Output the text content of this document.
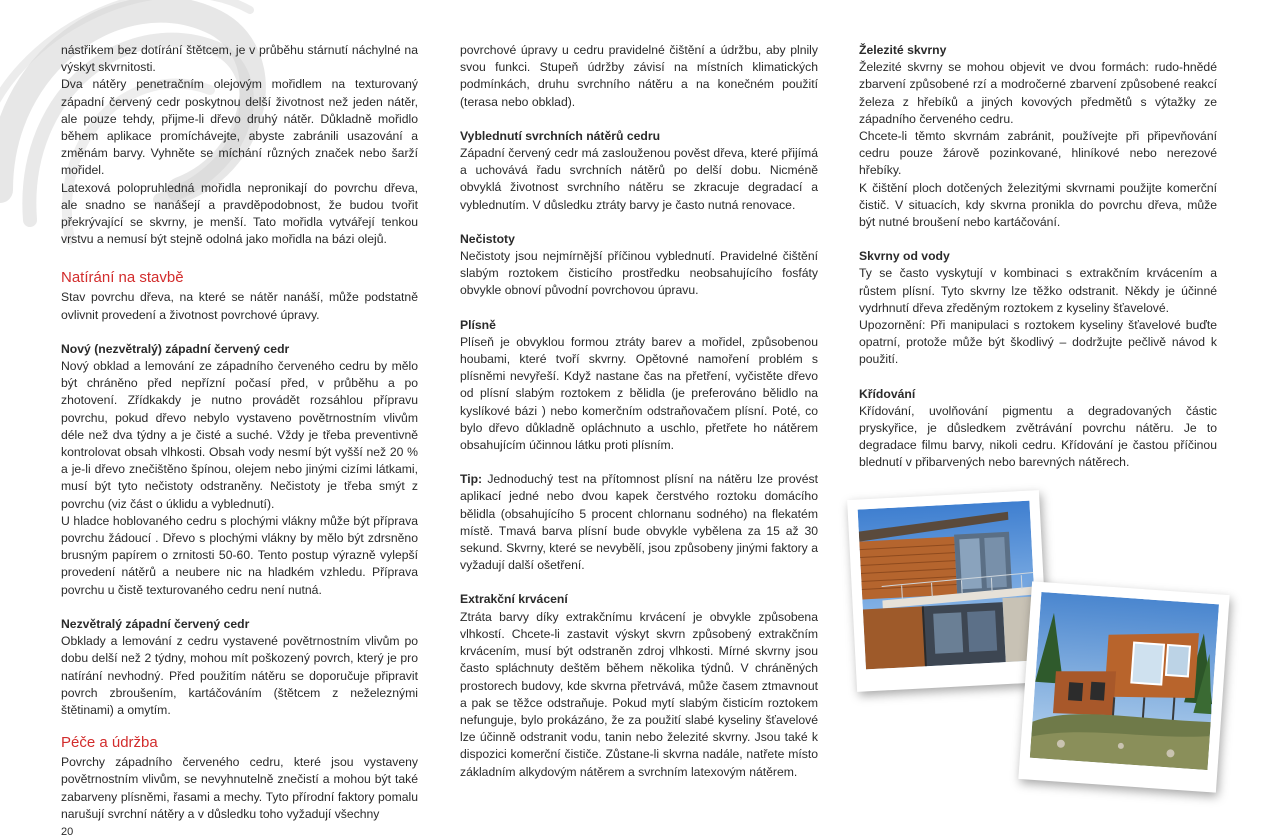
nástřikem bez dotírání štětcem, je v průběhu stárnutí náchylné na výskyt skvrnitosti.

Dva nátěry penetračním olejovým mořidlem na texturovaný západní červený cedr poskytnou delší životnost než jeden nátěr, ale pouze tehdy, přijme-li dřevo druhý nátěr. Důkladně mořidlo během aplikace promíchávejte, abyste zabránili usazování a změnám barvy. Vyhněte se míchání různých značek nebo šarží mořidel.

Latexová polopruhledná mořidla nepronikají do povrchu dřeva, ale snadno se nanášejí a pravděpodobnost, že budou tvořit překrývající se skvrny, je menší. Tato mořidla vytvářejí tenkou vrstvu a nemusí být stejně odolná jako mořidla na bázi olejů.

Natírání na stavbě

Stav povrchu dřeva, na které se nátěr nanáší, může podstatně ovlivnit provedení a životnost povrchové úpravy.

Nový (nezvětralý) západní červený cedr

Nový obklad a lemování ze západního červeného cedru by mělo být chráněno před nepřízní počasí před, v průběhu a po zhotovení. Zřídkakdy je nutno provádět rozsáhlou přípravu povrchu, pokud dřevo nebylo vystaveno povětrnostním vlivům déle než dva týdny a je čisté a suché. Vždy je třeba preventivně kontrolovat obsah vlhkosti. Obsah vody nesmí být vyšší než 20 % a je-li dřevo znečištěno špínou, olejem nebo jinými cizími látkami, musí být tyto nečistoty odstraněny. Nečistoty je třeba smýt z povrchu (viz část o úklidu a vyblednutí).

U hladce hoblovaného cedru s plochými vlákny může být příprava povrchu žádoucí . Dřevo s plochými vlákny by mělo být zdrsněno brusným papírem o zrnitosti 50-60. Tento postup výrazně vylepší provedení nátěrů a neubere nic na hladkém vzhledu. Příprava povrchu u čistě texturovaného cedru není nutná.

Nezvětralý západní červený cedr

Obklady a lemování z cedru vystavené povětrnostním vlivům po dobu delší než 2 týdny, mohou mít poškozený povrch, který je pro natírání nevhodný. Před použitím nátěru se doporučuje připravit povrch zbroušením, kartáčováním (štětcem z neželeznými štětinami) a omytím.

Péče a údržba

Povrchy západního červeného cedru, které jsou vystaveny povětrnostním vlivům, se nevyhnutelně znečistí a mohou být také zabarveny plísněmi, řasami a mechy. Tyto přírodní faktory pomalu narušují svrchní nátěry a v důsledku toho vyžadují všechny

povrchové úpravy u cedru pravidelné čištění a údržbu, aby plnily svou funkci. Stupeň údržby závisí na místních klimatických podmínkách, druhu svrchního nátěru a na konečném použití (terasa nebo obklad).

Vyblednutí svrchních nátěrů cedru

Západní červený cedr má zaslouženou pověst dřeva, které přijímá a uchovává řadu svrchních nátěrů po delší dobu. Nicméně obvyklá životnost svrchního nátěru se zkracuje degradací a vyblednutím. V důsledku ztráty barvy je často nutná renovace.

Nečistoty

Nečistoty jsou nejmírnější příčinou vyblednutí. Pravidelné čištění slabým roztokem čisticího prostředku neobsahujícího fosfáty obvykle obnoví původní povrchovou úpravu.

Plísně

Plíseň je obvyklou formou ztráty barev a mořidel, způsobenou houbami, které tvoří skvrny. Opětovné namoření problém s plísněmi nevyřeší. Když nastane čas na přetření, vyčistěte dřevo od plísní slabým roztokem z bělidla (je preferováno bělidlo na kyslíkové bázi ) nebo komerčním odstraňovačem plísní. Poté, co bylo dřevo důkladně opláchnuto a uschlo, přetřete ho nátěrem obsahujícím účinnou látku proti plísním.

Tip: Jednoduchý test na přítomnost plísní na nátěru lze provést aplikací jedné nebo dvou kapek čerstvého roztoku domácího bělidla (obsahujícího 5 procent chlornanu sodného) na flekatém místě. Tmavá barva plísní bude obvykle vybělena za 15 až 30 sekund. Skvrny, které se nevybělí, jsou způsobeny jinými faktory a vyžadují další ošetření.

Extrakční krvácení

Ztráta barvy díky extrakčnímu krvácení je obvykle způsobena vlhkostí. Chcete-li zastavit výskyt skvrn způsobený extrakčním krvácením, musí být odstraněn zdroj vlhkosti. Mírné skvrny jsou často spláchnuty deštěm během několika týdnů. V chráněných prostorech budovy, kde skvrna přetrvává, může časem ztmavnout a pak se těžce odstraňuje. Pokud mytí slabým čisticím roztokem nefunguje, bylo prokázáno, že za použití slabé kyseliny šťavelové lze účinně odstranit vodu, tanin nebo železité skvrny. Jsou také k dispozici komerční čističe. Zůstane-li skvrna nadále, natřete místo základním alkydovým nátěrem a svrchním latexovým nátěrem.

Železité skvrny

Železité skvrny se mohou objevit ve dvou formách: rudo-hnědé zbarvení způsobené rzí a modročerné zbarvení způsobené reakcí železa z hřebíků a jiných kovových předmětů s výtažky ze západního červeného cedru.

Chcete-li těmto skvrnám zabránit, používejte při připevňování cedru pouze žárově pozinkované, hliníkové nebo nerezové hřebíky.

K čištění ploch dotčených železitými skvrnami použijte komerční čistič. V situacích, kdy skvrna pronikla do povrchu dřeva, může být nutné broušení nebo kartáčování.

Skvrny od vody

Ty se často vyskytují v kombinaci s extrakčním krvácením a růstem plísní. Tyto skvrny lze těžko odstranit. Někdy je účinné vydrhnutí dřeva zředěným roztokem z kyseliny šťavelové.

Upozornění: Při manipulaci s roztokem kyseliny šťavelové buďte opatrní, protože může být škodlivý – dodržujte pečlivě návod k použití.

Křídování

Křídování, uvolňování pigmentu a degradovaných částic pryskyřice, je důsledkem zvětrávání povrchu nátěru. Je to degradace filmu barvy, nikoli cedru. Křídování je častou příčinou blednutí v přibarvených nebo barevných nátěrech.

20
